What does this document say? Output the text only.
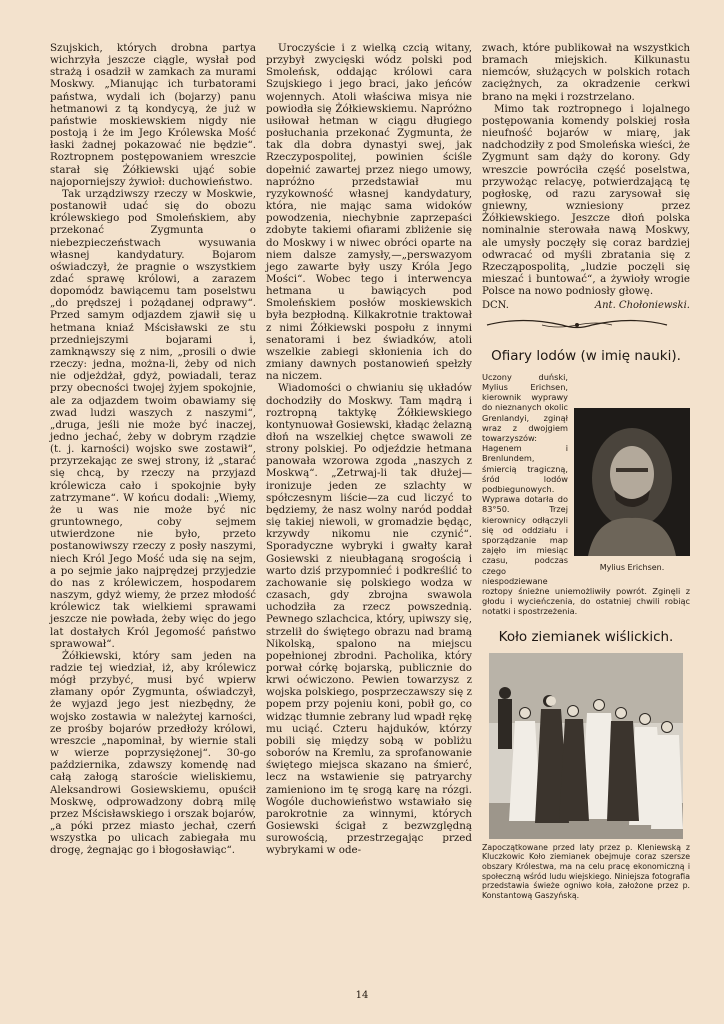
Szujskich, których drobna partya wichrzyła jeszcze ciągle, wysłał pod strażą i osadził w zamkach za murami Moskwy. „Mianując ich turbatorami państwa, wydali ich (bojarzy) panu hetmanowi z tą kondycyą, że już w państwie moskiewskiem nigdy nie postoją i że im Jego Królewska Mość łaski żadnej pokazować nie będzie“. Roztropnem postępowaniem wreszcie starał się Żółkiewski ująć sobie najoporniejszy żywioł: duchowieństwo.

Tak urządziwszy rzeczy w Moskwie, postanowił udać się do obozu królewskiego pod Smoleńskiem, aby przekonać Zygmunta o niebezpieczeństwach wysuwania własnej kandydatury. Bojarom oświadczył, że pragnie o wszystkiem zdać sprawę królowi, a zarazem dopomódz bawiącemu tam poselstwu „do prędszej i pożądanej odprawy“. Przed samym odjazdem zjawił się u hetmana kniaź Mścisławski ze stu przedniejszymi bojarami i, zamknąwszy się z nim, „prosili o dwie rzeczy: jedna, można-li, żeby od nich nie odjeżdżał, gdyż, powiadali, teraz przy obecności twojej żyjem spokojnie, ale za odjazdem twoim obawiamy się zwad ludzi waszych z naszymi“, „druga, jeśli nie może być inaczej, jedno jechać, żeby w dobrym rządzie (t. j. karności) wojsko swe zostawił“, przyrzekając ze swej strony, iż „starać się chcą, by rzeczy na przyjazd królewicza cało i spokojnie były zatrzymane“. W końcu dodali: „Wiemy, że u was nie może być nic gruntownego, coby sejmem utwierdzone nie było, przeto postanowiwszy rzeczy z posły naszymi, niech Król Jego Mość uda się na sejm, a po sejmie jako najprędzej przyjedzie do nas z królewiczem, hospodarem naszym, gdyż wiemy, że przez młodość królewicz tak wielkiemi sprawami jeszcze nie powłada, żeby więc do jego lat dostałych Król Jegomość państwo sprawował“.

Żółkiewski, który sam jeden na radzie tej wiedział, iż, aby królewicz mógł przybyć, musi być wpierw złamany opór Zygmunta, oświadczył, że wyjazd jego jest niezbędny, że wojsko zostawia w należytej karności, ze prośby bojarów przedłoży królowi, wreszcie „napominał, by wiernie stali w wierze poprzysiężonej“. 30-go października, zdawszy komendę nad całą załogą staroście wieliskiemu, Aleksandrowi Gosiewskiemu, opuścił Moskwę, odprowadzony dobrą milę przez Mścisławskiego i orszak bojarów, „a póki przez miasto jechał, czerń wszystka po ulicach zabiegała mu drogę, żegnając go i błogosławiąc“.

Uroczyście i z wielką czcią witany, przybył zwycięski wódz polski pod Smoleńsk, oddając królowi cara Szujskiego i jego braci, jako jeńców wojennych. Atoli właściwa misya nie powiodła się Żółkiewskiemu. Napróżno usiłował hetman w ciągu długiego posłuchania przekonać Zygmunta, że tak dla dobra dynastyi swej, jak Rzeczypospolitej, powinien ściśle dopełnić zawartej przez niego umowy, napróżno przedstawiał mu ryzykowność własnej kandydatury, która, nie mając sama widoków powodzenia, niechybnie zaprzepaści zdobyte takiemi ofiarami zbliżenie się do Moskwy i w niwec obróci oparte na niem dalsze zamysły,—„perswazyom jego zawarte były uszy Króla Jego Mości“. Wobec tego i interwencya hetmana u bawiących pod Smoleńskiem posłów moskiewskich była bezpłodną. Kilkakrotnie traktował z nimi Żółkiewski pospołu z innymi senatorami i bez świadków, atoli wszelkie zabiegi skłonienia ich do zmiany dawnych postanowień spełzły na niczem.

Wiadomości o chwianiu się układów dochodziły do Moskwy. Tam mądrą i roztropną taktykę Żółkiewskiego kontynuował Gosiewski, kładąc żelazną dłoń na wszelkiej chętce swawoli ze strony polskiej. Po odjeździe hetmana panowała wzorowa zgoda „naszych z Moskwą“. „Zetrwaj-li tak dłużej—ironizuje jeden ze szlachty w spółczesnym liście—za cud liczyć to będziemy, że nasz wolny naród poddał się takiej niewoli, w gromadzie będąc, krzywdy nikomu nie czynić“. Sporadyczne wybryki i gwałty karał Gosiewski z nieubłaganą srogością i warto dziś przypomnieć i podkreślić to zachowanie się polskiego wodza w czasach, gdy zbrojna swawola uchodziła za rzecz powszednią. Pewnego szlachcica, który, upiwszy się, strzelił do świętego obrazu nad bramą Nikolską, spalono na miejscu popełnionej zbrodni. Pacholika, który porwał córkę bojarską, publicznie do krwi oćwiczono. Pewien towarzysz z wojska polskiego, posprzeczawszy się z popem przy pojeniu koni, pobił go, co widząc tłumnie zebrany lud wpadł rękę mu uciąć. Czteru hajduków, którzy pobili się między sobą w pobliżu soborów na Kremlu, za sprofanowanie świętego miejsca skazano na śmierć, lecz na wstawienie się patryarchy zamieniono im tę srogą karę na rózgi. Wogóle duchowieństwo wstawiało się parokrotnie za winnymi, których Gosiewski ścigał z bezwzględną surowością, przestrzegając przed wybrykami w ode-

zwach, które publikował na wszystkich bramach miejskich. Kilkunastu niemców, służących w polskich rotach zaciężnych, za okradzenie cerkwi brano na męki i rozstrzelano.

Mimo tak roztropnego i lojalnego postępowania komendy polskiej rosła nieufność bojarów w miarę, jak nadchodziły z pod Smoleńska wieści, że Zygmunt sam dąży do korony. Gdy wreszcie powróciła część poselstwa, przywożąc relacyę, potwierdzającą tę pogłoskę, od razu zarysował się gniewny, wzniesiony przez Żółkiewskiego. Jeszcze dłoń polska nominalnie sterowała nawą Moskwy, ale umysły poczęły się coraz bardziej odwracać od myśli zbratania się z Rzecząpospolitą, „ludzie poczęli się mieszać i buntować“, a żywioły wrogie Polsce na nowo podniosły głowę.

DCN.	Ant. Chołoniewski.
Ofiary lodów (w imię nauki).
Mylius Erichsen.
Uczony duński, Mylius Erichsen, kierownik wyprawy do nieznanych okolic Grenlandyi, zginął wraz z dwojgiem towarzyszów: Hagenem i Brenlundem, śmiercią tragiczną, śród lodów podbiegunowych. Wyprawa dotarła do 83°50. Trzej kierownicy odłączyli się od oddziału i sporządzanie map zajęło im miesiąc czasu, podczas czego niespodziewane roztopy śnieżne uniemożliwiły powrót. Zginęli z głodu i wycieńczenia, do ostatniej chwili robiąc notatki i spostrzeżenia.
Koło ziemianek wiślickich.
Zapoczątkowane przed laty przez p. Kleniewską z Kluczkowic Koło ziemianek obejmuje coraz szersze obszary Królestwa, ma na celu pracę ekonomiczną i społeczną wśród ludu wiejskiego. Niniejsza fotografia przedstawia świeże ogniwo koła, założone przez p. Konstantową Gaszyńską.
14
